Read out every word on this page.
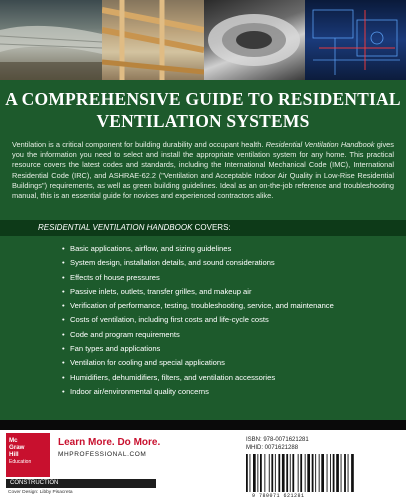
A COMPREHENSIVE GUIDE TO RESIDENTIAL
VENTILATION SYSTEMS

Ventilation is a critical component for building durability and occupant health. Residential Ventilation Handbook gives you the information you need to select and install the appropriate ventilation system for any home. This practical resource covers the latest codes and standards, including the International Mechanical Code (IMC), International Residential Code (IRC), and ASHRAE-62.2 ("Ventilation and Acceptable Indoor Air Quality in Low-Rise Residential Buildings") requirements, as well as green building guidelines. Ideal as an on-the-job reference and troubleshooting manual, this is an essential guide for novices and experienced contractors alike.

RESIDENTIAL VENTILATION HANDBOOK COVERS:
• Basic applications, airflow, and sizing guidelines
• System design, installation details, and sound considerations
• Effects of house pressures
• Passive inlets, outlets, transfer grilles, and makeup air
• Verification of performance, testing, troubleshooting, service, and maintenance
• Costs of ventilation, including first costs and life-cycle costs
• Code and program requirements
• Fan types and applications
• Ventilation for cooling and special applications
• Humidifiers, dehumidifiers, filters, and ventilation accessories
• Indoor air/environmental quality concerns
Mc
Graw
Hill
Education
Learn More. Do More.
MHPROFESSIONAL.COM
CONSTRUCTION
Cover Design: Libby Pisacreta
ISBN: 978-0071621281
MHID: 0071621288
9 780071 621281
